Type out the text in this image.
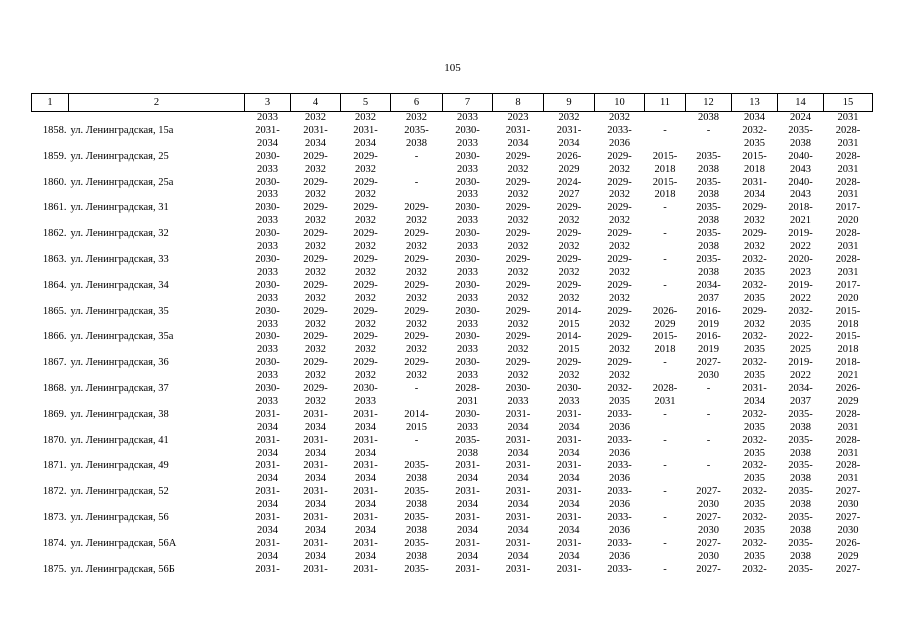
105
1	2	3	4	5	6	7	8	9	10	11	12	13	14	15
		2033	2032	2032	2032	2033	2023	2032	2032		2038	2034	2024	2031
1858.	ул. Ленинградская, 15а	2031-	2031-	2031-	2035-	2030-	2031-	2031-	2033-	-	-	2032-	2035-	2028-
		2034	2034	2034	2038	2033	2034	2034	2036			2035	2038	2031
1859.	ул. Ленинградская, 25	2030-	2029-	2029-	-	2030-	2029-	2026-	2029-	2015-	2035-	2015-	2040-	2028-
		2033	2032	2032		2033	2032	2029	2032	2018	2038	2018	2043	2031
1860.	ул. Ленинградская, 25а	2030-	2029-	2029-	-	2030-	2029-	2024-	2029-	2015-	2035-	2031-	2040-	2028-
		2033	2032	2032		2033	2032	2027	2032	2018	2038	2034	2043	2031
1861.	ул. Ленинградская, 31	2030-	2029-	2029-	2029-	2030-	2029-	2029-	2029-	-	2035-	2029-	2018-	2017-
		2033	2032	2032	2032	2033	2032	2032	2032		2038	2032	2021	2020
1862.	ул. Ленинградская, 32	2030-	2029-	2029-	2029-	2030-	2029-	2029-	2029-	-	2035-	2029-	2019-	2028-
		2033	2032	2032	2032	2033	2032	2032	2032		2038	2032	2022	2031
1863.	ул. Ленинградская, 33	2030-	2029-	2029-	2029-	2030-	2029-	2029-	2029-	-	2035-	2032-	2020-	2028-
		2033	2032	2032	2032	2033	2032	2032	2032		2038	2035	2023	2031
1864.	ул. Ленинградская, 34	2030-	2029-	2029-	2029-	2030-	2029-	2029-	2029-	-	2034-	2032-	2019-	2017-
		2033	2032	2032	2032	2033	2032	2032	2032		2037	2035	2022	2020
1865.	ул. Ленинградская, 35	2030-	2029-	2029-	2029-	2030-	2029-	2014-	2029-	2026-	2016-	2029-	2032-	2015-
		2033	2032	2032	2032	2033	2032	2015	2032	2029	2019	2032	2035	2018
1866.	ул. Ленинградская, 35а	2030-	2029-	2029-	2029-	2030-	2029-	2014-	2029-	2015-	2016-	2032-	2022-	2015-
		2033	2032	2032	2032	2033	2032	2015	2032	2018	2019	2035	2025	2018
1867.	ул. Ленинградская, 36	2030-	2029-	2029-	2029-	2030-	2029-	2029-	2029-	-	2027-	2032-	2019-	2018-
		2033	2032	2032	2032	2033	2032	2032	2032		2030	2035	2022	2021
1868.	ул. Ленинградская, 37	2030-	2029-	2030-	-	2028-	2030-	2030-	2032-	2028-	-	2031-	2034-	2026-
		2033	2032	2033		2031	2033	2033	2035	2031		2034	2037	2029
1869.	ул. Ленинградская, 38	2031-	2031-	2031-	2014-	2030-	2031-	2031-	2033-	-	-	2032-	2035-	2028-
		2034	2034	2034	2015	2033	2034	2034	2036			2035	2038	2031
1870.	ул. Ленинградская, 41	2031-	2031-	2031-	-	2035-	2031-	2031-	2033-	-	-	2032-	2035-	2028-
		2034	2034	2034		2038	2034	2034	2036			2035	2038	2031
1871.	ул. Ленинградская, 49	2031-	2031-	2031-	2035-	2031-	2031-	2031-	2033-	-	-	2032-	2035-	2028-
		2034	2034	2034	2038	2034	2034	2034	2036			2035	2038	2031
1872.	ул. Ленинградская, 52	2031-	2031-	2031-	2035-	2031-	2031-	2031-	2033-	-	2027-	2032-	2035-	2027-
		2034	2034	2034	2038	2034	2034	2034	2036		2030	2035	2038	2030
1873.	ул. Ленинградская, 56	2031-	2031-	2031-	2035-	2031-	2031-	2031-	2033-	-	2027-	2032-	2035-	2027-
		2034	2034	2034	2038	2034	2034	2034	2036		2030	2035	2038	2030
1874.	ул. Ленинградская, 56А	2031-	2031-	2031-	2035-	2031-	2031-	2031-	2033-	-	2027-	2032-	2035-	2026-
		2034	2034	2034	2038	2034	2034	2034	2036		2030	2035	2038	2029
1875.	ул. Ленинградская, 56Б	2031-	2031-	2031-	2035-	2031-	2031-	2031-	2033-	-	2027-	2032-	2035-	2027-
